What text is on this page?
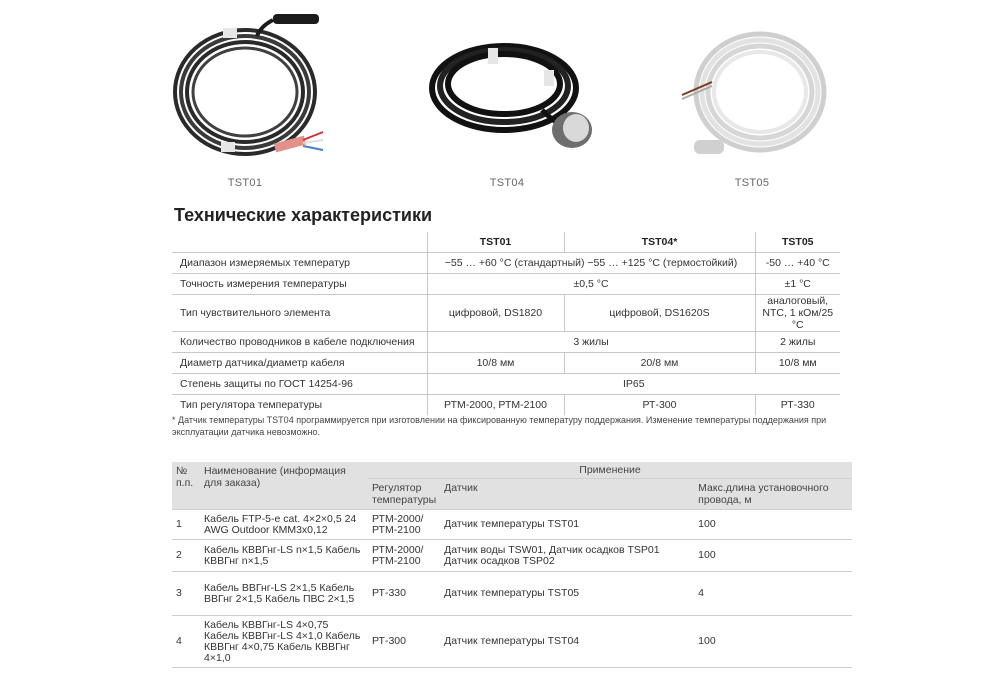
TST01	TST04	TST05
Технические характеристики
	TST01	TST04*	TST05
Диапазон измеряемых температур	−55 … +60 °С (стандартный) −55 … +125 °С (термостойкий)		-50 … +40 °С
Точность измерения температуры	±0,5 °С		±1 °С
Тип чувствительного элемента	цифровой, DS1820	цифровой, DS1620S	аналоговый, NTC, 1 кОм/25 °С
Количество проводников в кабеле подключения	3 жилы		2 жилы
Диаметр датчика/диаметр кабеля	10/8 мм	20/8 мм	10/8 мм
Степень защиты по ГОСТ 14254-96	IP65		
Тип регулятора температуры	РТМ-2000, РТМ-2100	РТ-300	РТ-330
* Датчик температуры TST04 программируется при изготовлении на фиксированную температуру поддержания. Изменение температуры поддержания при эксплуатации датчика невозможно.
№ п.п.	Наименование (информация для заказа)	Применение		
		Регулятор температуры	Датчик	Макс.длина установочного провода, м
1	Кабель FTP-5-e cat. 4×2×0,5 24 AWG Outdoor КММ3х0,12	РТМ-2000/ РТМ-2100	Датчик температуры TST01	100
2	Кабель КВВГнг-LS n×1,5 Кабель КВВГнг n×1,5	РТМ-2000/ РТМ-2100	Датчик воды TSW01, Датчик осадков TSP01 Датчик осадков TSP02	100
3	Кабель ВВГнг-LS 2×1,5 Кабель ВВГнг 2×1,5 Кабель ПВС 2×1,5	РТ-330	Датчик температуры TST05	4
4	Кабель КВВГнг-LS 4×0,75 Кабель КВВГнг-LS 4×1,0 Кабель КВВГнг 4×0,75 Кабель КВВГнг 4×1,0	РТ-300	Датчик температуры TST04	100
